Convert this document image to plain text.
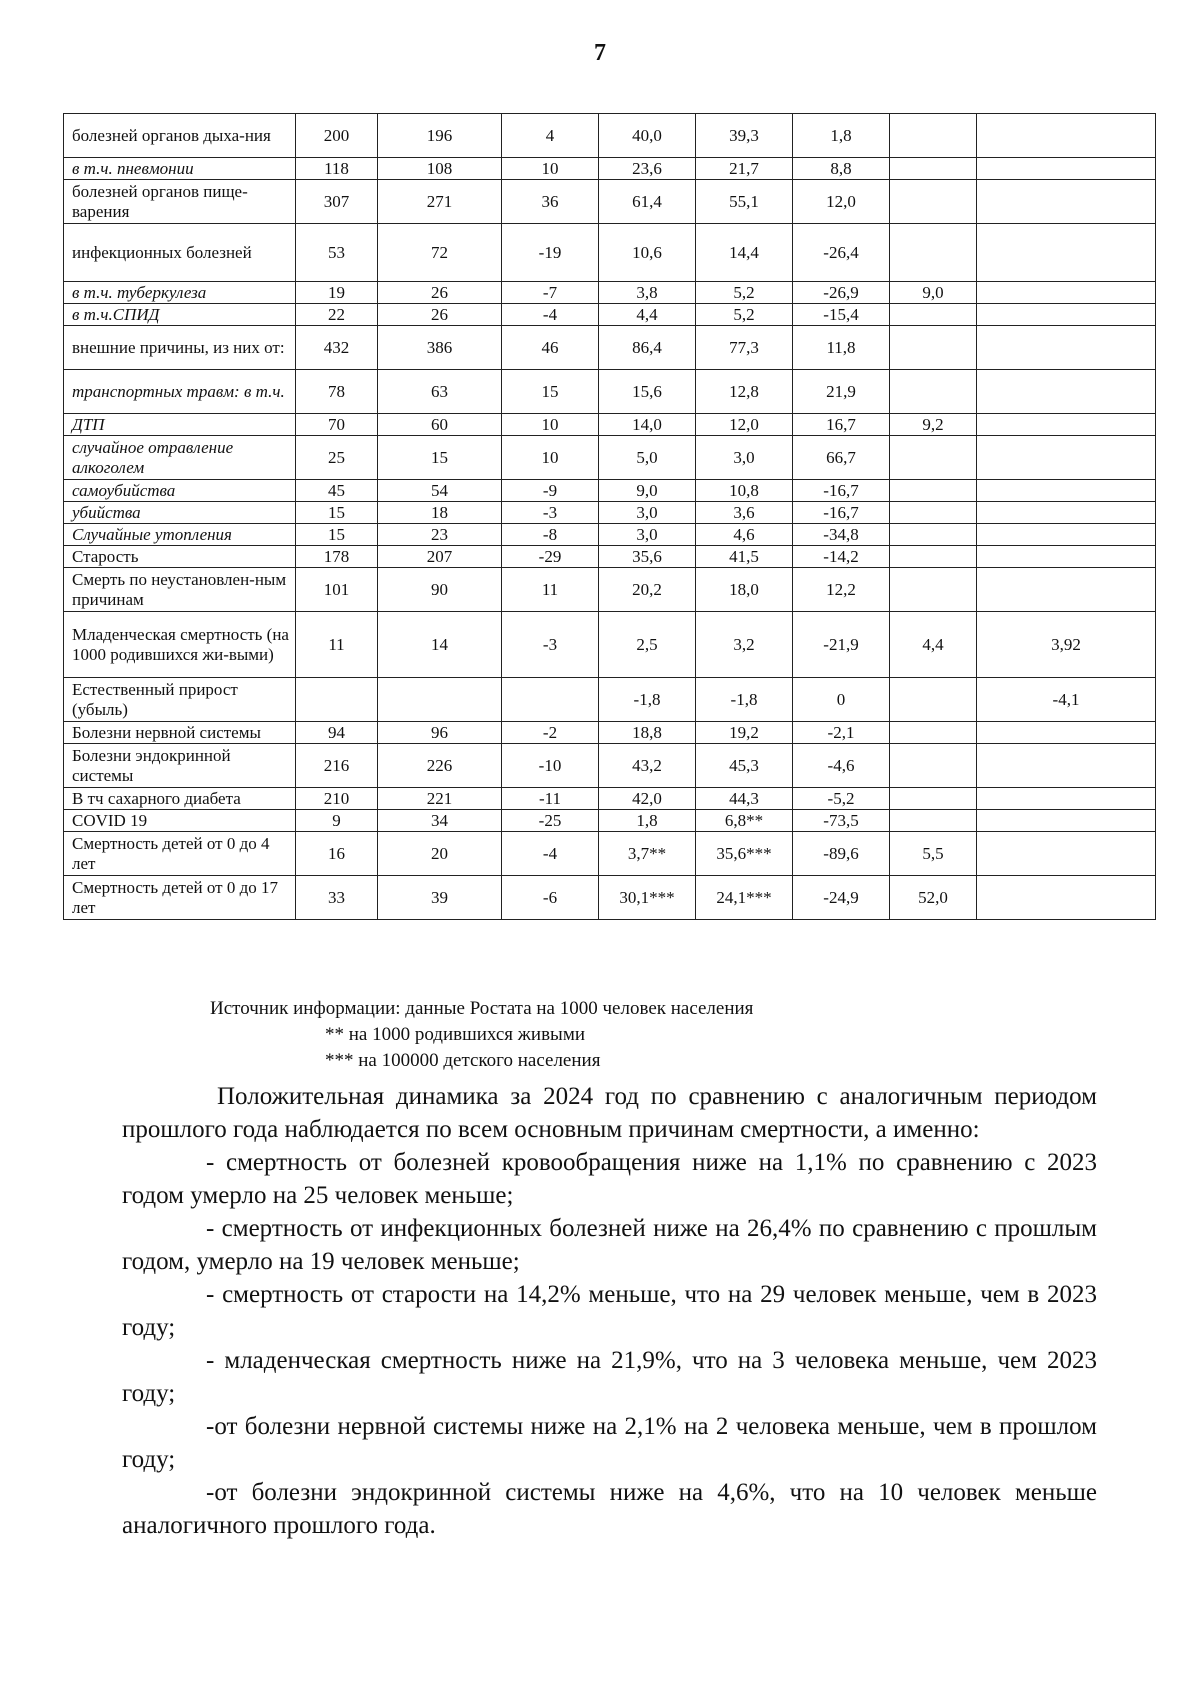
7
болезней органов дыха-ния	200	196	4	40,0	39,3	1,8		
в т.ч. пневмонии	118	108	10	23,6	21,7	8,8		
болезней органов пище-варения	307	271	36	61,4	55,1	12,0		
инфекционных болезней	53	72	-19	10,6	14,4	-26,4		
в т.ч. туберкулеза	19	26	-7	3,8	5,2	-26,9	9,0	
в т.ч.СПИД	22	26	-4	4,4	5,2	-15,4		
внешние причины, из них от:	432	386	46	86,4	77,3	11,8		
транспортных травм: в т.ч.	78	63	15	15,6	12,8	21,9		
ДТП	70	60	10	14,0	12,0	16,7	9,2	
случайное отравление алкоголем	25	15	10	5,0	3,0	66,7		
самоубийства	45	54	-9	9,0	10,8	-16,7		
убийства	15	18	-3	3,0	3,6	-16,7		
Случайные утопления	15	23	-8	3,0	4,6	-34,8		
Старость	178	207	-29	35,6	41,5	-14,2		
Смерть по неустановлен-ным причинам	101	90	11	20,2	18,0	12,2		
Младенческая смертность (на 1000 родившихся жи-выми)	11	14	-3	2,5	3,2	-21,9	4,4	3,92
Естественный прирост (убыль)				-1,8	-1,8	0		-4,1
Болезни нервной системы	94	96	-2	18,8	19,2	-2,1		
Болезни эндокринной системы	216	226	-10	43,2	45,3	-4,6		
В тч сахарного диабета	210	221	-11	42,0	44,3	-5,2		
COVID 19	9	34	-25	1,8	6,8**	-73,5		
Смертность детей от 0 до 4 лет	16	20	-4	3,7**	35,6***	-89,6	5,5	
Смертность детей от 0 до 17 лет	33	39	-6	30,1***	24,1***	-24,9	52,0	
Источник информации: данные Ростата на 1000 человек населения
** на 1000 родившихся живыми
*** на 100000 детского населения

Положительная динамика за 2024 год по сравнению с аналогичным периодом прошлого года наблюдается по всем основным причинам смертности, а именно:

- смертность от болезней кровообращения ниже на 1,1% по сравнению с 2023 годом умерло на 25 человек меньше;

- смертность от инфекционных болезней ниже на 26,4% по сравнению с прошлым годом, умерло на 19 человек меньше;

- смертность от старости на 14,2% меньше, что на 29 человек меньше, чем в 2023 году;

- младенческая смертность ниже на 21,9%, что на 3 человека меньше, чем 2023 году;

-от болезни нервной системы ниже на 2,1% на 2 человека меньше, чем в прошлом году;

-от болезни эндокринной системы ниже на 4,6%, что на 10 человек меньше аналогичного прошлого года.
